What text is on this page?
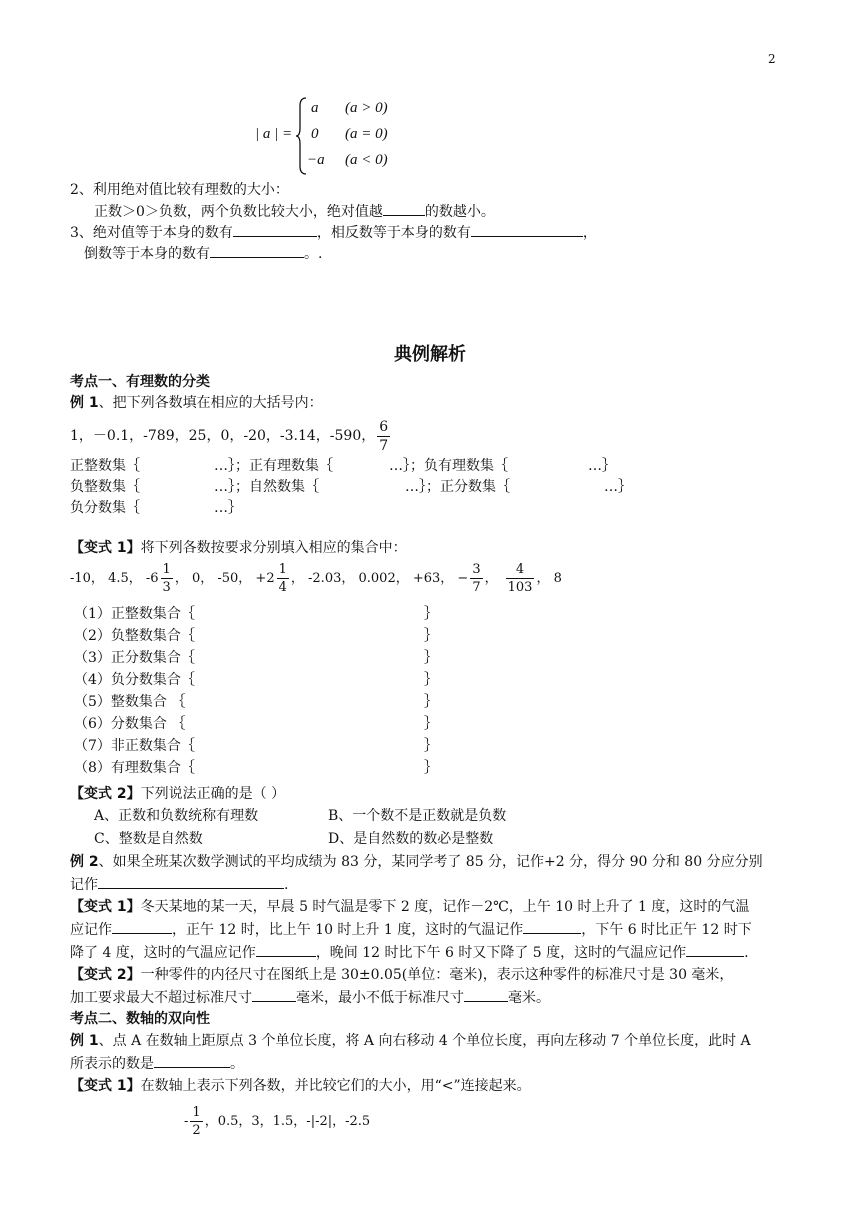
2
| a | =
a (a > 0)
0 (a = 0)
−a (a < 0)
2、利用绝对值比较有理数的大小：
正数＞0＞负数，两个负数比较大小，绝对值越	的数越小。
3、绝对值等于本身的数有	，相反数等于本身的数有	，
倒数等于本身的数有	。.
典例解析
考点一、有理数的分类
例 1、把下列各数填在相应的大括号内：
1，－0.1，-789，25，0，-20，-3.14，-590， $\frac{6}{7}$
正整数集｛	…｝；正有理数集｛	…｝；负有理数集｛	…｝
负整数集｛	…｝；自然数集｛	…｝；正分数集｛	…｝
负分数集｛	…｝
【变式 1】将下列各数按要求分别填入相应的集合中：
-10， 4.5， $-6 \frac{1}{3}$ ， 0， -50， $+2 \frac{1}{4}$ ， -2.03， 0.002， +63， − $\frac{3}{7}$ ， $\frac{4}{103}$ ， 8
（1）正整数集合｛	｝
（2）负整数集合｛	｝
（3）正分数集合｛	｝
（4）负分数集合｛	｝
（5）整数集合 ｛	｝
（6）分数集合 ｛	｝
（7）非正数集合｛	｝
（8）有理数集合｛	｝
【变式 2】下列说法正确的是（ ）
A、正数和负数统称有理数	B、一个数不是正数就是负数
C、整数是自然数	D、是自然数的数必是整数
例 2、如果全班某次数学测试的平均成绩为 83 分，某同学考了 85 分，记作+2 分，得分 90 分和 80 分应分别
记作	.
【变式 1】冬天某地的某一天，早晨 5 时气温是零下 2 度，记作－2℃，上午 10 时上升了 1 度，这时的气温
应记作	，正午 12 时，比上午 10 时上升 1 度，这时的气温记作	，下午 6 时比正午 12 时下
降了 4 度，这时的气温应记作	，晚间 12 时比下午 6 时又下降了 5 度，这时的气温应记作	.
【变式 2】一种零件的内径尺寸在图纸上是 30±0.05(单位：毫米)，表示这种零件的标准尺寸是 30 毫米，
加工要求最大不超过标准尺寸	毫米，最小不低于标准尺寸	毫米。
考点二、数轴的双向性
例 1、点 A 在数轴上距原点 3 个单位长度，将 A 向右移动 4 个单位长度，再向左移动 7 个单位长度，此时 A
所表示的数是	。
【变式 1】在数轴上表示下列各数，并比较它们的大小，用“<”连接起来。
- $\frac{1}{2}$ ，0.5，3，1.5，-|-2|，-2.5
